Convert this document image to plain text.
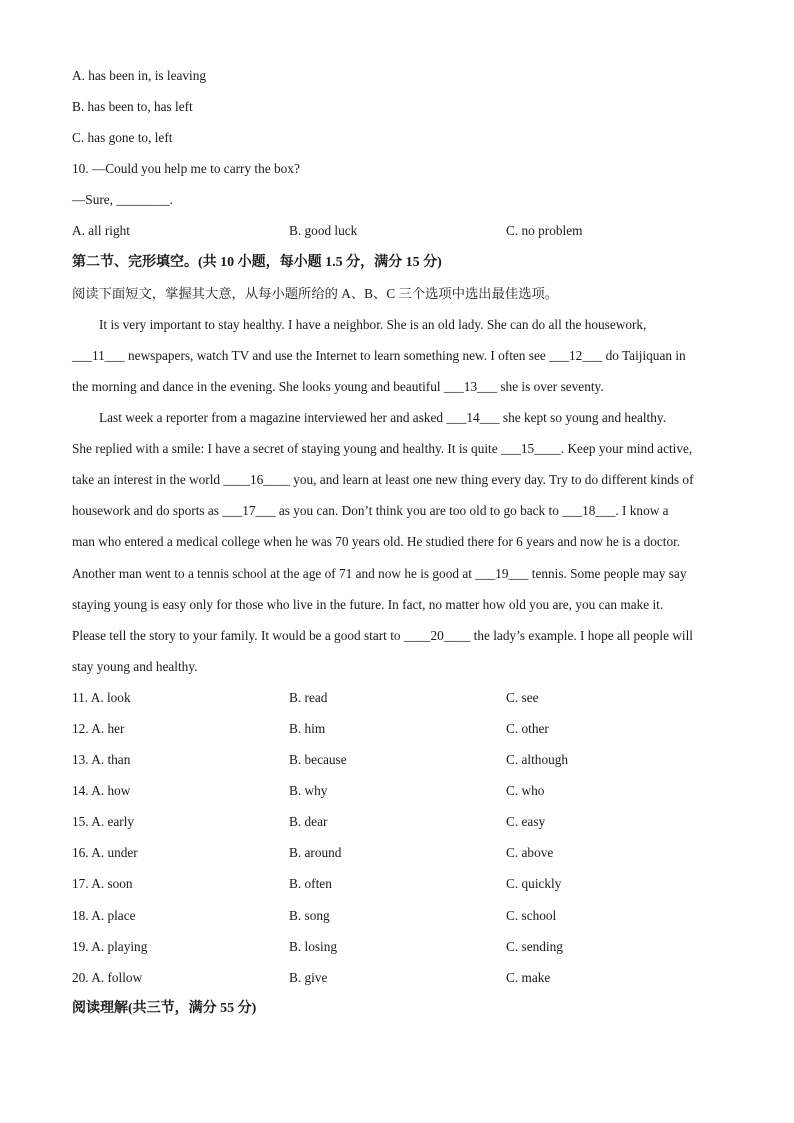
A. has been in, is leaving
B. has been to, has left
C. has gone to, left
10. —Could you help me to carry the box?
—Sure, ________.
A. all right	B. good luck	C. no problem
第二节、完形填空。(共 10 小题，每小题 1.5 分，满分 15 分)
阅读下面短文，掌握其大意，从每小题所给的 A、B、C 三个选项中选出最佳选项。
It is very important to stay healthy. I have a neighbor. She is an old lady. She can do all the housework,
___11___ newspapers, watch TV and use the Internet to learn something new. I often see ___12___ do Taijiquan in
the morning and dance in the evening. She looks young and beautiful ___13___ she is over seventy.
Last week a reporter from a magazine interviewed her and asked ___14___ she kept so young and healthy.
She replied with a smile: I have a secret of staying young and healthy. It is quite ___15____. Keep your mind active,
take an interest in the world ____16____ you, and learn at least one new thing every day. Try to do different kinds of
housework and do sports as ___17___ as you can. Don’t think you are too old to go back to ___18___. I know a
man who entered a medical college when he was 70 years old. He studied there for 6 years and now he is a doctor.
Another man went to a tennis school at the age of 71 and now he is good at ___19___ tennis. Some people may say
staying young is easy only for those who live in the future. In fact, no matter how old you are, you can make it.
Please tell the story to your family. It would be a good start to ____20____ the lady’s example. I hope all people will
stay young and healthy.
11. A. look	B. read	C. see
12. A. her	B. him	C. other
13. A. than	B. because	C. although
14. A. how	B. why	C. who
15. A. early	B. dear	C. easy
16. A. under	B. around	C. above
17. A. soon	B. often	C. quickly
18. A. place	B. song	C. school
19. A. playing	B. losing	C. sending
20. A. follow	B. give	C. make
阅读理解(共三节，满分 55 分)
